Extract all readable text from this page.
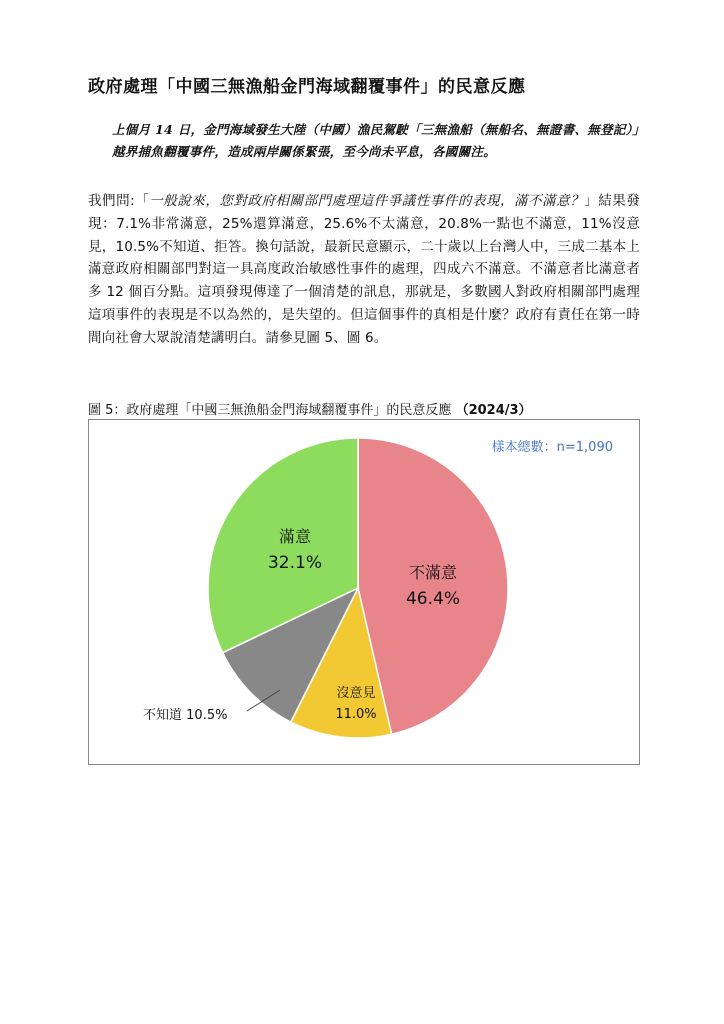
政府處理「中國三無漁船金門海域翻覆事件」的民意反應
上個月 14 日，金門海域發生大陸（中國）漁民駕駛「三無漁船（無船名、無證書、無登記）」越界捕魚翻覆事件，造成兩岸關係緊張，至今尚未平息，各國關注。
我們問:「一般說來，您對政府相關部門處理這件爭議性事件的表現，滿不滿意？」結果發現：7.1%非常滿意，25%還算滿意，25.6%不太滿意，20.8%一點也不滿意，11%沒意見，10.5%不知道、拒答。換句話說，最新民意顯示，二十歲以上台灣人中，三成二基本上滿意政府相關部門對這一具高度政治敏感性事件的處理，四成六不滿意。不滿意者比滿意者多 12 個百分點。這項發現傳達了一個清楚的訊息，那就是，多數國人對政府相關部門處理這項事件的表現是不以為然的，是失望的。但這個事件的真相是什麼？政府有責任在第一時間向社會大眾說清楚講明白。請參見圖 5、圖 6。
圖 5：政府處理「中國三無漁船金門海域翻覆事件」的民意反應 （2024/3）
樣本總數：n=1,090
不滿意
46.4%
滿意
32.1%
沒意見
11.0%
不知道 10.5%
